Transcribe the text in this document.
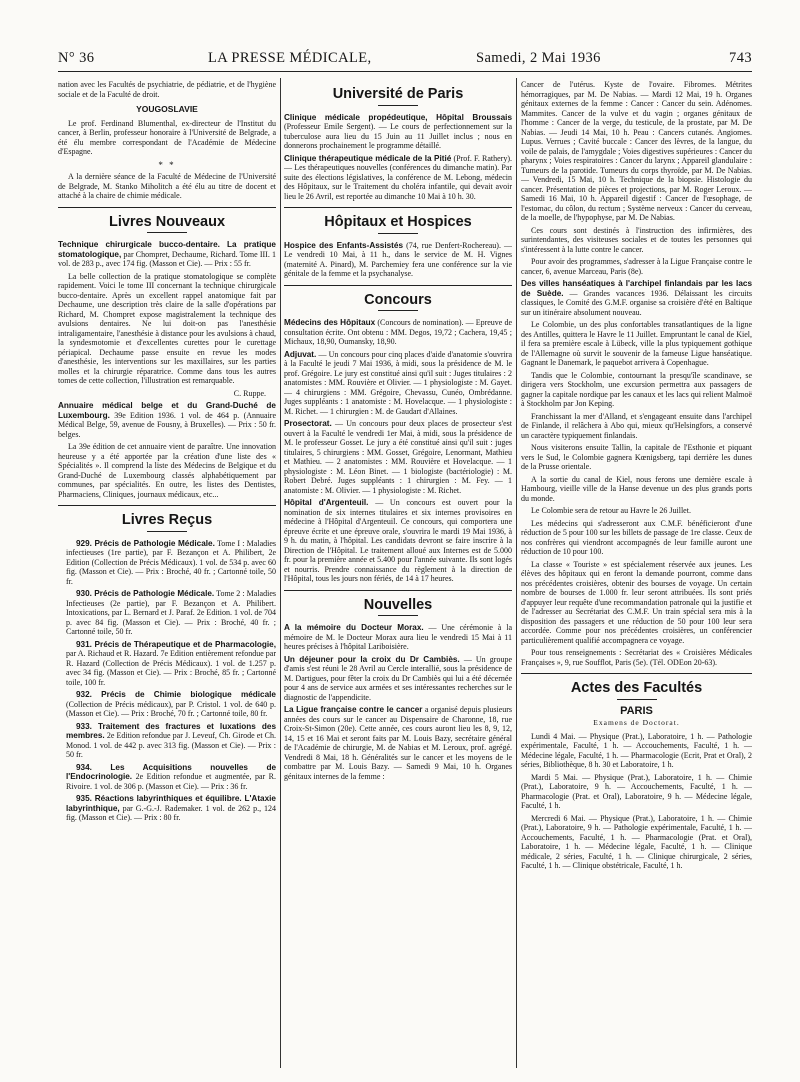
N° 36	LA PRESSE MÉDICALE,	Samedi, 2 Mai 1936	743

nation avec les Facultés de psychiatrie, de pédiatrie, et de l'hygiène sociale et de la Faculté de droit.

YOUGOSLAVIE

Le prof. Ferdinand Blumenthal, ex-directeur de l'Institut du cancer, à Berlin, professeur honoraire à l'Université de Belgrade, a été élu membre correspondant de l'Académie de Médecine d'Espagne.

* *

A la dernière séance de la Faculté de Médecine de l'Université de Belgrade, M. Stanko Miholitch a été élu au titre de docent et attaché à la chaire de chimie médicale.

Livres Nouveaux

Technique chirurgicale bucco-dentaire. La pratique stomatologique, par Chompret, Dechaume, Richard. Tome III. 1 vol. de 283 p., avec 174 fig. (Masson et Cie). — Prix : 55 fr.

La belle collection de la pratique stomatologique se complète rapidement. Voici le tome III concernant la technique chirurgicale bucco-dentaire. Après un excellent rappel anatomique fait par Dechaume, une description très claire de la salle d'opérations par Richard, M. Chompret expose magistralement la technique des avulsions dentaires. Ne lui doit-on pas l'anesthésie intraligamentaire, l'anesthésie à distance pour les avulsions à chaud, la syndesmotomie et d'excellentes curettes pour le curettage périapical. Dechaume passe ensuite en revue les modes d'anesthésie, les interventions sur les maxillaires, sur les parties molles et la chirurgie réparatrice. Comme dans tous les autres tomes de cette collection, l'illustration est remarquable.

C. Ruppe.

Annuaire médical belge et du Grand-Duché de Luxembourg. 39e Edition 1936. 1 vol. de 464 p. (Annuaire Médical Belge, 59, avenue de Fousny, à Bruxelles). — Prix : 50 fr. belges.

La 39e édition de cet annuaire vient de paraître. Une innovation heureuse y a été apportée par la création d'une liste des « Spécialités ». Il comprend la liste des Médecins de Belgique et du Grand-Duché de Luxembourg classés alphabétiquement par communes, par spécialités. En outre, les listes des Dentistes, Pharmaciens, Cliniques, journaux médicaux, etc...

Livres Reçus

929. Précis de Pathologie Médicale. Tome I : Maladies infectieuses (1re partie), par F. Bezançon et A. Philibert, 2e Edition (Collection de Précis Médicaux). 1 vol. de 534 p. avec 60 fig. (Masson et Cie). — Prix : Broché, 40 fr. ; Cartonné toile, 50 fr.

930. Précis de Pathologie Médicale. Tome 2 : Maladies Infectieuses (2e partie), par F. Bezançon et A. Philibert. Intoxications, par L. Bernard et J. Paraf. 2e Edition. 1 vol. de 704 p. avec 84 fig. (Masson et Cie). — Prix : Broché, 40 fr. ; Cartonné toile, 50 fr.

931. Précis de Thérapeutique et de Pharmacologie, par A. Richaud et R. Hazard. 7e Edition entièrement refondue par R. Hazard (Collection de Précis Médicaux). 1 vol. de 1.257 p. avec 34 fig. (Masson et Cie). — Prix : Broché, 85 fr. ; Cartonné toile, 100 fr.

932. Précis de Chimie biologique médicale (Collection de Précis médicaux), par P. Cristol. 1 vol. de 640 p. (Masson et Cie). — Prix : Broché, 70 fr. ; Cartonné toile, 80 fr.

933. Traitement des fractures et luxations des membres. 2e Edition refondue par J. Leveuf, Ch. Girode et Ch. Monod. 1 vol. de 442 p. avec 313 fig. (Masson et Cie). — Prix : 50 fr.

934. Les Acquisitions nouvelles de l'Endocrinologie. 2e Edition refondue et augmentée, par R. Rivoire. 1 vol. de 306 p. (Masson et Cie). — Prix : 36 fr.

935. Réactions labyrinthiques et équilibre. L'Ataxie labyrinthique, par G.-G.-J. Rademaker. 1 vol. de 262 p., 124 fig. (Masson et Cie). — Prix : 80 fr.

Université de Paris

Clinique médicale propédeutique, Hôpital Broussais (Professeur Emile Sergent). — Le cours de perfectionnement sur la tuberculose aura lieu du 15 Juin au 11 Juillet inclus ; nous en donnerons prochainement le programme détaillé.

Clinique thérapeutique médicale de la Pitié (Prof. F. Rathery). — Les thérapeutiques nouvelles (conférences du dimanche matin). Par suite des élections législatives, la conférence de M. Lebong, médecin des Hôpitaux, sur le Traitement du choléra infantile, qui devait avoir lieu le 26 Avril, est reportée au dimanche 10 Mai à 10 h. 30.

Hôpitaux et Hospices

Hospice des Enfants-Assistés (74, rue Denfert-Rochereau). — Le vendredi 10 Mai, à 11 h., dans le service de M. H. Vignes (maternité A. Pinard), M. Parchemiey fera une conférence sur la vie génitale de la femme et la psychanalyse.

Concours

Médecins des Hôpitaux (Concours de nomination). — Epreuve de consultation écrite. Ont obtenu : MM. Degos, 19,72 ; Cachera, 19,45 ; Michaux, 18,90, Oumansky, 18,90.

Adjuvat. — Un concours pour cinq places d'aide d'anatomie s'ouvrira à la Faculté le jeudi 7 Mai 1936, à midi, sous la présidence de M. le prof. Grégoire. Le jury est constitué ainsi qu'il suit : Juges titulaires : 2 anatomistes : MM. Rouvière et Olivier. — 1 physiologiste : M. Gayet. — 4 chirurgiens : MM. Grégoire, Chevassu, Cunéo, Ombrédanne. Juges suppléants : 1 anatomiste : M. Hovelacque. — 1 physiologiste : M. Richet. — 1 chirurgien : M. de Gaudart d'Allaines.

Prosectorat. — Un concours pour deux places de prosecteur s'est ouvert à la Faculté le vendredi 1er Mai, à midi, sous la présidence de M. le professeur Gosset. Le jury a été constitué ainsi qu'il suit : juges titulaires, 5 chirurgiens : MM. Gosset, Grégoire, Lenormant, Mathieu et Mathieu. — 2 anatomistes : MM. Rouvière et Hovelacque. — 1 physiologiste : M. Léon Binet. — 1 biologiste (bactériologie) : M. Robert Debré. Juges suppléants : 1 chirurgien : M. Fey. — 1 anatomiste : M. Olivier. — 1 physiologiste : M. Richet.

Hôpital d'Argenteuil. — Un concours est ouvert pour la nomination de six internes titulaires et six internes provisoires en médecine à l'Hôpital d'Argenteuil. Ce concours, qui comportera une épreuve écrite et une épreuve orale, s'ouvrira le mardi 19 Mai 1936, à 9 h. du matin, à l'hôpital. Les candidats devront se faire inscrire à la Direction de l'Hôpital. Le traitement alloué aux Internes est de 5.000 fr. pour la première année et 5.400 pour l'année suivante. Ils sont logés et nourris. Prendre connaissance du règlement à la direction de l'Hôpital, tous les jours non fériés, de 14 à 17 heures.

Nouvelles

A la mémoire du Docteur Morax. — Une cérémonie à la mémoire de M. le Docteur Morax aura lieu le vendredi 15 Mai à 11 heures précises à l'hôpital Lariboisière.

Un déjeuner pour la croix du Dr Cambiès. — Un groupe d'amis s'est réuni le 28 Avril au Cercle interallié, sous la présidence de M. Dartigues, pour fêter la croix du Dr Cambiès qui lui a été décernée pour 4 ans de service aux armées et ses intéressantes recherches sur le diagnostic de l'appendicite.

La Ligue française contre le cancer a organisé depuis plusieurs années des cours sur le cancer au Dispensaire de Charonne, 18, rue Croix-St-Simon (20e). Cette année, ces cours auront lieu les 8, 9, 12, 14, 15 et 16 Mai et seront faits par M. Louis Bazy, secrétaire général de l'Académie de chirurgie, M. de Nabias et M. Leroux, prof. agrégé. Vendredi 8 Mai, 18 h. Généralités sur le cancer et les moyens de le combattre par M. Louis Bazy. — Samedi 9 Mai, 10 h. Organes génitaux internes de la femme :

Cancer de l'utérus. Kyste de l'ovaire. Fibromes. Métrites hémorragiques, par M. De Nabias. — Mardi 12 Mai, 19 h. Organes génitaux externes de la femme : Cancer : Cancer du sein. Adénomes. Mammites. Cancer de la vulve et du vagin ; organes génitaux de l'homme : Cancer de la verge, du testicule, de la prostate, par M. De Nabias. — Jeudi 14 Mai, 10 h. Peau : Cancers cutanés. Angiomes. Lupus. Verrues ; Cavité buccale : Cancer des lèvres, de la langue, du voile de palais, de l'amygdale ; Voies digestives supérieures : Cancer du pharynx ; Voies respiratoires : Cancer du larynx ; Appareil glandulaire : Tumeurs de la parotide. Tumeurs du corps thyroïde, par M. De Nabias. — Vendredi, 15 Mai, 10 h. Technique de la biopsie. Histologie du cancer. Présentation de pièces et projections, par M. Roger Leroux. — Samedi 16 Mai, 10 h. Appareil digestif : Cancer de l'œsophage, de l'estomac, du côlon, du rectum ; Système nerveux : Cancer du cerveau, de la moelle, de l'hypophyse, par M. De Nabias.

Ces cours sont destinés à l'instruction des infirmières, des surintendantes, des visiteuses sociales et de toutes les personnes qui s'intéressent à la lutte contre le cancer.

Pour avoir des programmes, s'adresser à la Ligue Française contre le cancer, 6, avenue Marceau, Paris (8e).

Des villes hanséatiques à l'archipel finlandais par les lacs de Suède. — Grandes vacances 1936. Délaissant les circuits classiques, le Comité des G.M.F. organise sa croisière d'été en Baltique sur un itinéraire absolument nouveau.

Le Colombie, un des plus confortables transatlantiques de la ligne des Antilles, quittera le Havre le 11 Juillet. Empruntant le canal de Kiel, il fera sa première escale à Lübeck, ville la plus typiquement gothique de l'Allemagne où survit le souvenir de la fameuse Ligue hanséatique. Gagnant le Danemark, le paquebot arrivera à Copenhague.

Tandis que le Colombie, contournant la presqu'île scandinave, se dirigera vers Stockholm, une excursion permettra aux passagers de gagner la capitale nordique par les canaux et les lacs qui relient Malmoë à Stockholm par Jon Keping.

Franchissant la mer d'Alland, et s'engageant ensuite dans l'archipel de Finlande, il relâchera à Abo qui, mieux qu'Helsingfors, a conservé un caractère typiquement finlandais.

Nous visiterons ensuite Tallin, la capitale de l'Esthonie et piquant vers le Sud, le Colombie gagnera Kœnigsberg, tapi derrière les dunes de la Prusse orientale.

A la sortie du canal de Kiel, nous ferons une dernière escale à Hambourg, vieille ville de la Hanse devenue un des plus grands ports du monde.

Le Colombie sera de retour au Havre le 26 Juillet.

Les médecins qui s'adresseront aux C.M.F. bénéficieront d'une réduction de 5 pour 100 sur les billets de passage de 1re classe. Ceux de nos confrères qui viendront accompagnés de leur famille auront une réduction de 10 pour 100.

La classe « Touriste » est spécialement réservée aux jeunes. Les élèves des hôpitaux qui en feront la demande pourront, comme dans nos précédentes croisières, obtenir des bourses de voyage. Un certain nombre de bourses de 1.000 fr. leur seront attribuées. Ils sont priés d'appuyer leur requête d'une recommandation patronale qui la justifie et de l'adresser au Secrétariat des C.M.F. Un train spécial sera mis à la disposition des passagers et une réduction de 50 pour 100 leur sera accordée. Comme pour nos précédentes croisières, un conférencier particulièrement qualifié accompagnera ce voyage.

Pour tous renseignements : Secrétariat des « Croisières Médicales Françaises », 9, rue Soufflot, Paris (5e). (Tél. ODEon 20-63).

Actes des Facultés
PARIS
Examens de Doctorat.

Lundi 4 Mai. — Physique (Prat.), Laboratoire, 1 h. — Pathologie expérimentale, Faculté, 1 h. — Accouchements, Faculté, 1 h. — Médecine légale, Faculté, 1 h. — Pharmacologie (Ecrit, Prat et Oral), 2 séries, Bibliothèque, 8 h. 30 et Laboratoire, 1 h.

Mardi 5 Mai. — Physique (Prat.), Laboratoire, 1 h. — Chimie (Prat.), Laboratoire, 9 h. — Accouchements, Faculté, 1 h. — Pharmacologie (Prat. et Oral), Laboratoire, 9 h. — Médecine légale, Faculté, 1 h.

Mercredi 6 Mai. — Physique (Prat.), Laboratoire, 1 h. — Chimie (Prat.), Laboratoire, 9 h. — Pathologie expérimentale, Faculté, 1 h. — Accouchements, Faculté, 1 h. — Pharmacologie (Prat. et Oral), Laboratoire, 1 h. — Médecine légale, Faculté, 1 h. — Clinique médicale, 2 séries, Faculté, 1 h. — Clinique chirurgicale, 2 séries, Faculté, 1 h. — Clinique obstétricale, Faculté, 1 h.
